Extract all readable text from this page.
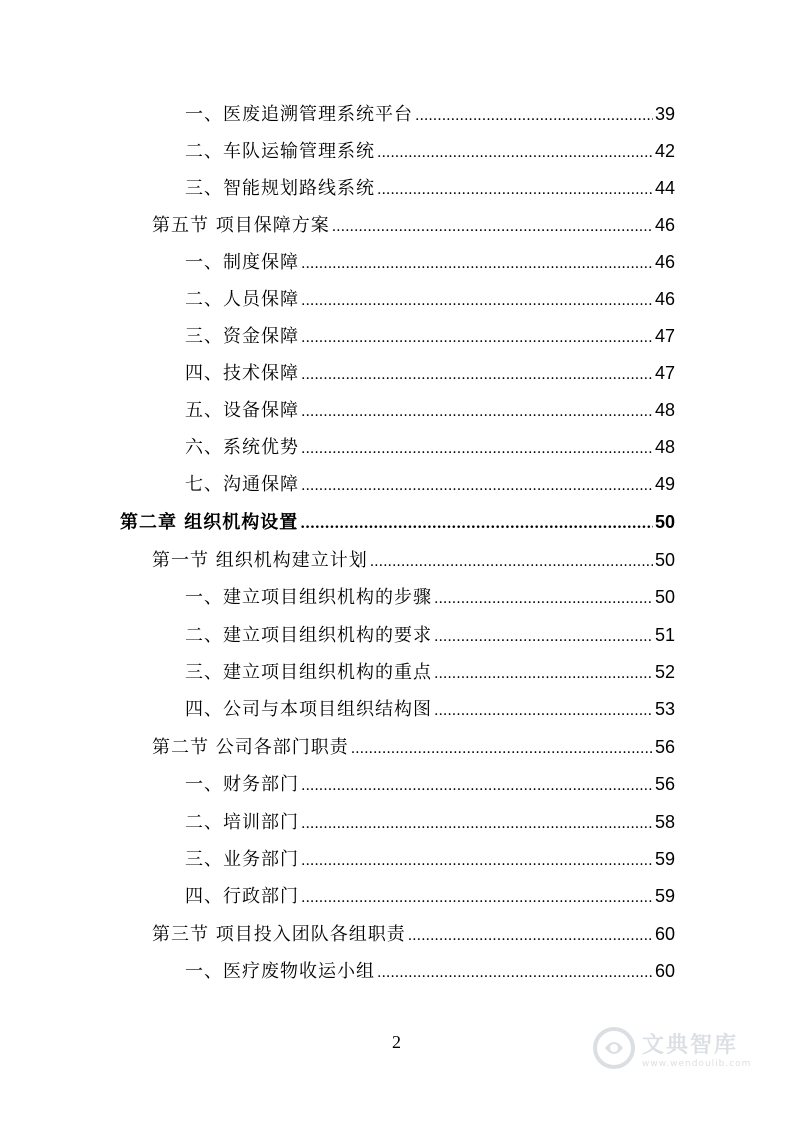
一、医废追溯管理系统平台 .....	39
二、车队运输管理系统 .....	42
三、智能规划路线系统 .....	44
第五节 项目保障方案 .....	46
一、制度保障 .....	46
二、人员保障 .....	46
三、资金保障 .....	47
四、技术保障 .....	47
五、设备保障 .....	48
六、系统优势 .....	48
七、沟通保障 .....	49
第二章 组织机构设置 .....	50
第一节 组织机构建立计划 .....	50
一、建立项目组织机构的步骤 .....	50
二、建立项目组织机构的要求 .....	51
三、建立项目组织机构的重点 .....	52
四、公司与本项目组织结构图 .....	53
第二节 公司各部门职责 .....	56
一、财务部门 .....	56
二、培训部门 .....	58
三、业务部门 .....	59
四、行政部门 .....	59
第三节 项目投入团队各组职责 .....	60
一、医疗废物收运小组 .....	60
2	文典智库
www.wendoulib.com
